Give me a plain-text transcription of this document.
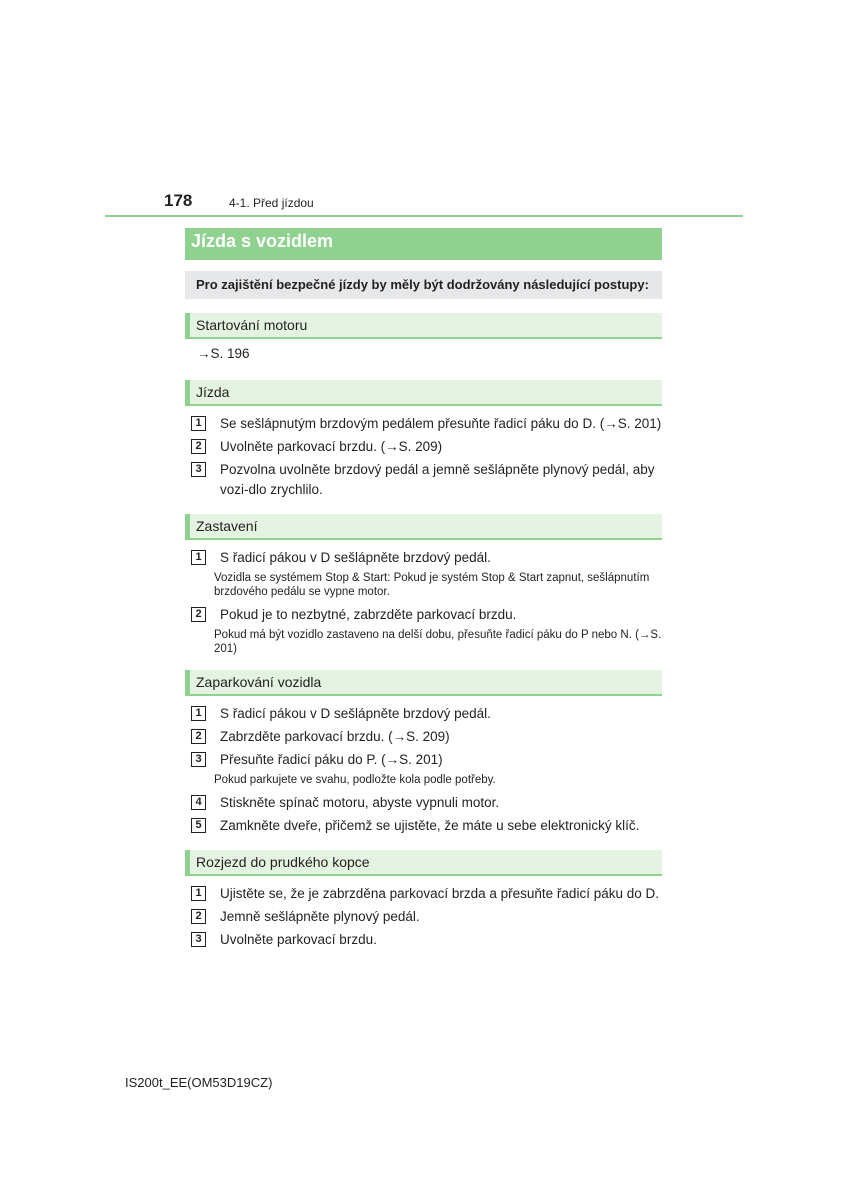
178	4-1. Před jízdou
Jízda s vozidlem
Pro zajištění bezpečné jízdy by měly být dodržovány následující postupy:
Startování motoru
→S. 196
Jízda
1	Se sešlápnutým brzdovým pedálem přesuňte řadicí páku do D. (→S. 201)
2	Uvolněte parkovací brzdu. (→S. 209)
3	Pozvolna uvolněte brzdový pedál a jemně sešlápněte plynový pedál, aby vozi-dlo zrychlilo.
Zastavení
1	S řadicí pákou v D sešlápněte brzdový pedál.
Vozidla se systémem Stop & Start: Pokud je systém Stop & Start zapnut, sešlápnutím brzdového pedálu se vypne motor.
2	Pokud je to nezbytné, zabrzděte parkovací brzdu.
Pokud má být vozidlo zastaveno na delší dobu, přesuňte řadicí páku do P nebo N. (→S. 201)
Zaparkování vozidla
1	S řadicí pákou v D sešlápněte brzdový pedál.
2	Zabrzděte parkovací brzdu. (→S. 209)
3	Přesuňte řadicí páku do P. (→S. 201)
Pokud parkujete ve svahu, podložte kola podle potřeby.
4	Stiskněte spínač motoru, abyste vypnuli motor.
5	Zamkněte dveře, přičemž se ujistěte, že máte u sebe elektronický klíč.
Rozjezd do prudkého kopce
1	Ujistěte se, že je zabrzděna parkovací brzda a přesuňte řadicí páku do D.
2	Jemně sešlápněte plynový pedál.
3	Uvolněte parkovací brzdu.
IS200t_EE(OM53D19CZ)
